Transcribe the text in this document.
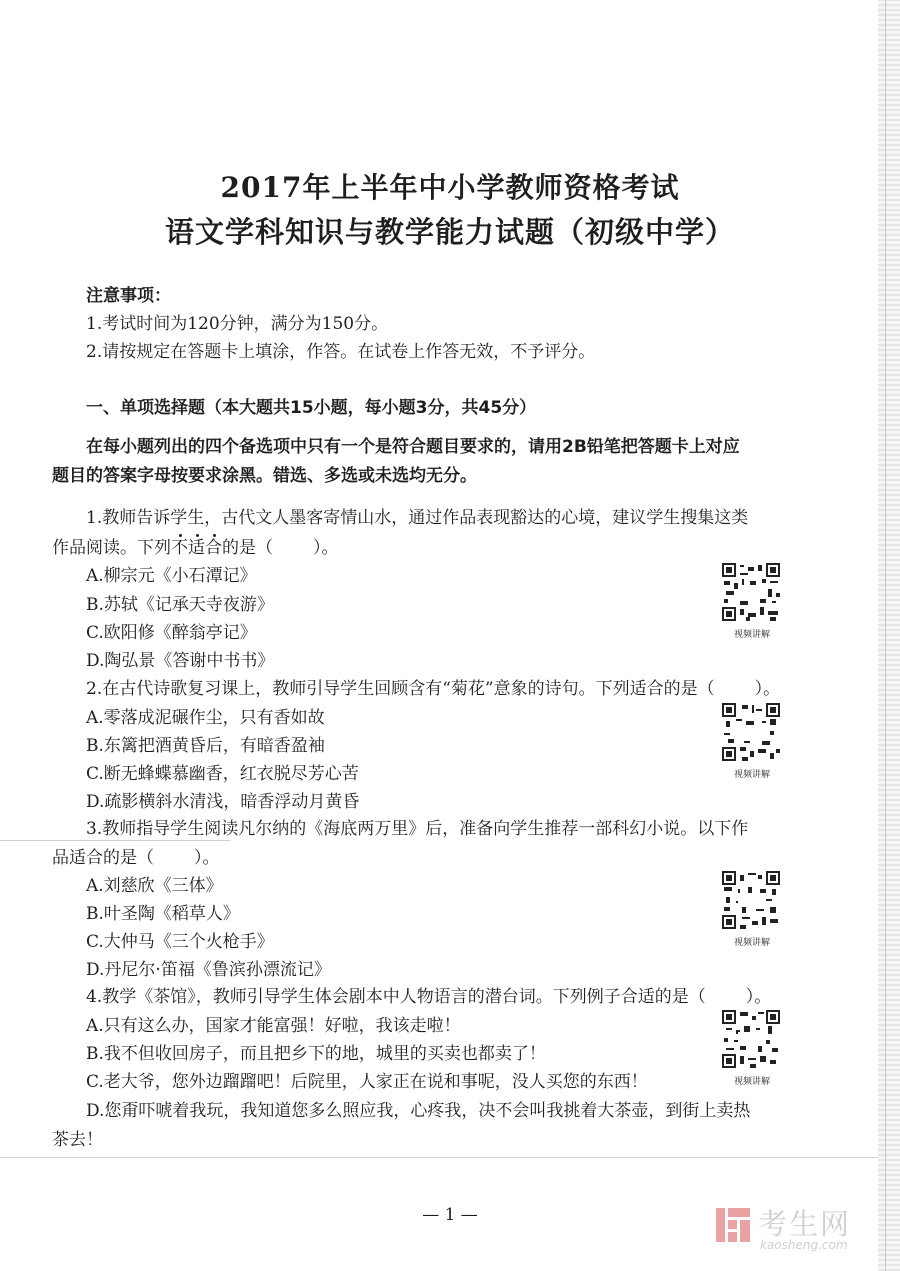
2017年上半年中小学教师资格考试
语文学科知识与教学能力试题（初级中学）

注意事项：

1.考试时间为120分钟，满分为150分。

2.请按规定在答题卡上填涂，作答。在试卷上作答无效，不予评分。

一、单项选择题（本大题共15小题，每小题3分，共45分）

在每小题列出的四个备选项中只有一个是符合题目要求的，请用2B铅笔把答题卡上对应

题目的答案字母按要求涂黑。错选、多选或未选均无分。

1.教师告诉学生，古代文人墨客寄情山水，通过作品表现豁达的心境，建议学生搜集这类

作品阅读。下列不适合的是（ ）。

A.柳宗元《小石潭记》

B.苏轼《记承天寺夜游》

C.欧阳修《醉翁亭记》

D.陶弘景《答谢中书书》

视频讲解

2.在古代诗歌复习课上，教师引导学生回顾含有“菊花”意象的诗句。下列适合的是（ ）。

A.零落成泥碾作尘，只有香如故

B.东篱把酒黄昏后，有暗香盈袖

C.断无蜂蝶慕幽香，红衣脱尽芳心苦

D.疏影横斜水清浅，暗香浮动月黄昏

视频讲解

3.教师指导学生阅读凡尔纳的《海底两万里》后，准备向学生推荐一部科幻小说。以下作

品适合的是（ ）。

A.刘慈欣《三体》

B.叶圣陶《稻草人》

C.大仲马《三个火枪手》

D.丹尼尔·笛福《鲁滨孙漂流记》

视频讲解

4.教学《茶馆》，教师引导学生体会剧本中人物语言的潜台词。下列例子合适的是（ ）。

A.只有这么办，国家才能富强！好啦，我该走啦！

B.我不但收回房子，而且把乡下的地，城里的买卖也都卖了！

C.老大爷，您外边蹓蹓吧！后院里，人家正在说和事呢，没人买您的东西！

D.您甭吓唬着我玩，我知道您多么照应我，心疼我，决不会叫我挑着大茶壶，到街上卖热

茶去！

视频讲解

— 1 —	考生网

kaosheng.com
